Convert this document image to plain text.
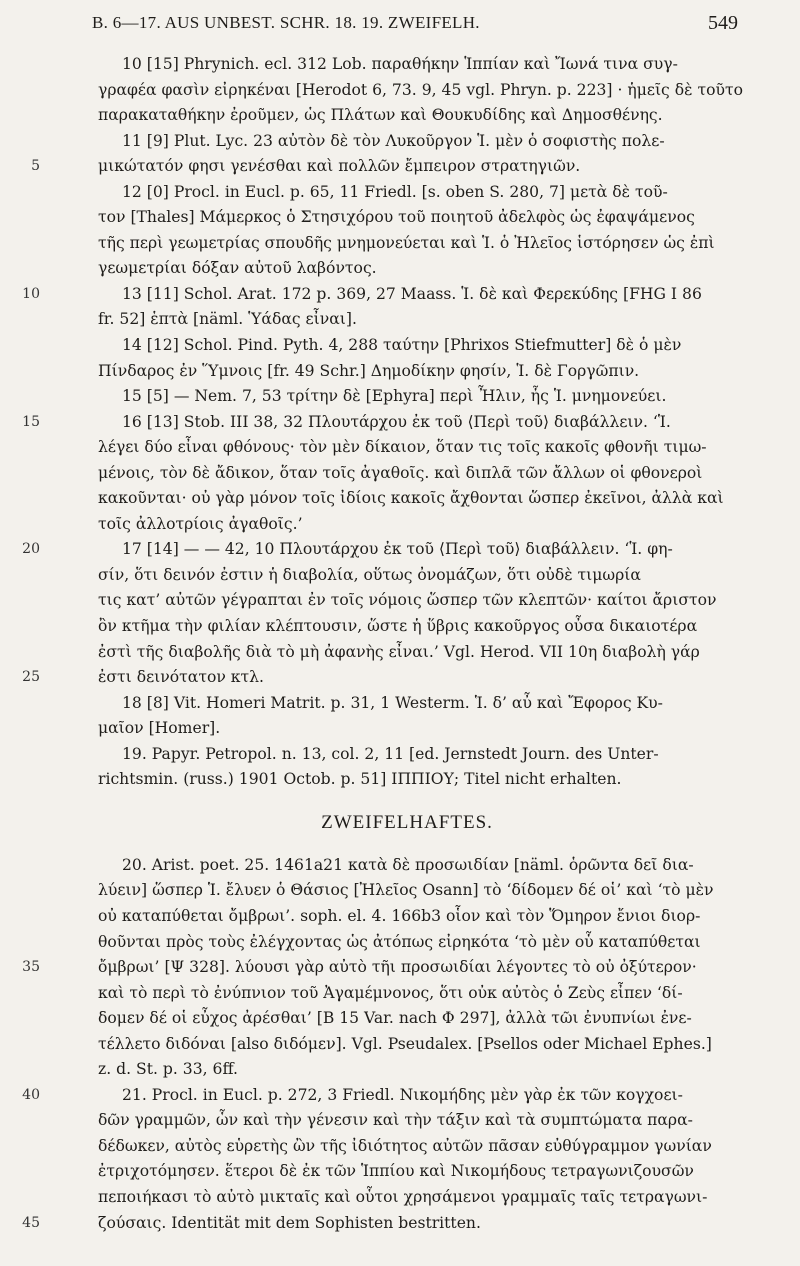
B. 6—17. AUS UNBEST. SCHR. 18. 19. ZWEIFELH.	549
10 [15] Phrynich. ecl. 312 Lob. παραθήκην Ἱππίαν καὶ Ἴωνά τινα συγ-
γραφέα φασὶν εἰρηκέναι [Herodot 6, 73. 9, 45 vgl. Phryn. p. 223] · ἡμεῖς δὲ τοῦτο
παρακαταθήκην ἐροῦμεν, ὡς Πλάτων καὶ Θουκυδίδης καὶ Δημοσθένης.
11 [9] Plut. Lyc. 23 αὐτὸν δὲ τὸν Λυκοῦργον Ἱ. μὲν ὁ σοφιστὴς πολε-
5	μικώτατόν φησι γενέσθαι καὶ πολλῶν ἔμπειρον στρατηγιῶν.
12 [0] Procl. in Eucl. p. 65, 11 Friedl. [s. oben S. 280, 7] μετὰ δὲ τοῦ-
τον [Thales] Μάμερκος ὁ Στησιχόρου τοῦ ποιητοῦ ἀδελφὸς ὡς ἐφαψάμενος
τῆς περὶ γεωμετρίας σπουδῆς μνημονεύεται καὶ Ἱ. ὁ Ἠλεῖος ἱστόρησεν ὡς ἐπὶ
γεωμετρίαι δόξαν αὐτοῦ λαβόντος.
10	13 [11] Schol. Arat. 172 p. 369, 27 Maass. Ἱ. δὲ καὶ Φερεκύδης [FHG I 86
fr. 52] ἑπτὰ [näml. Ὑάδας εἶναι].
14 [12] Schol. Pind. Pyth. 4, 288 ταύτην [Phrixos Stiefmutter] δὲ ὁ μὲν
Πίνδαρος ἐν Ὕμνοις [fr. 49 Schr.] Δημοδίκην φησίν, Ἱ. δὲ Γοργῶπιν.
15 [5] — Nem. 7, 53 τρίτην δὲ [Ephyra] περὶ Ἦλιν, ἧς Ἱ. μνημονεύει.
15	16 [13] Stob. III 38, 32 Πλουτάρχου ἐκ τοῦ ⟨Περὶ τοῦ⟩ διαβάλλειν. ‘Ἱ.
λέγει δύο εἶναι φθόνους· τὸν μὲν δίκαιον, ὅταν τις τοῖς κακοῖς φθονῆι τιμω-
μένοις, τὸν δὲ ἄδικον, ὅταν τοῖς ἀγαθοῖς. καὶ διπλᾶ τῶν ἄλλων οἱ φθονεροὶ
κακοῦνται· οὐ γὰρ μόνον τοῖς ἰδίοις κακοῖς ἄχθονται ὥσπερ ἐκεῖνοι, ἀλλὰ καὶ
τοῖς ἀλλοτρίοις ἀγαθοῖς.’
20	17 [14] — — 42, 10 Πλουτάρχου ἐκ τοῦ ⟨Περὶ τοῦ⟩ διαβάλλειν. ‘Ἱ. φη-
σίν, ὅτι δεινόν ἐστιν ἡ διαβολία, οὕτως ὀνομάζων, ὅτι οὐδὲ τιμωρία
τις κατ’ αὐτῶν γέγραπται ἐν τοῖς νόμοις ὥσπερ τῶν κλεπτῶν· καίτοι ἄριστον
ὂν κτῆμα τὴν φιλίαν κλέπτουσιν, ὥστε ἡ ὕβρις κακοῦργος οὖσα δικαιοτέρα
ἐστὶ τῆς διαβολῆς διὰ τὸ μὴ ἀφανὴς εἶναι.’ Vgl. Herod. VII 10η διαβολὴ γάρ
25	ἐστι δεινότατον κτλ.
18 [8] Vit. Homeri Matrit. p. 31, 1 Westerm. Ἱ. δ’ αὖ καὶ Ἔφορος Κυ-
μαῖον [Homer].
19. Papyr. Petropol. n. 13, col. 2, 11 [ed. Jernstedt Journ. des Unter-
richtsmin. (russ.) 1901 Octob. p. 51] ΙΠΠΙΟΥ; Titel nicht erhalten.
ZWEIFELHAFTES.
20. Arist. poet. 25. 1461a21 κατὰ δὲ προσωιδίαν [näml. ὁρῶντα δεῖ δια-
λύειν] ὥσπερ Ἱ. ἔλυεν ὁ Θάσιος [Ἠλεῖος Osann] τὸ ‘δίδομεν δέ οἱ’ καὶ ‘τὸ μὲν
οὐ καταπύθεται ὄμβρωι’. soph. el. 4. 166b3 οἷον καὶ τὸν Ὅμηρον ἔνιοι διορ-
θοῦνται πρὸς τοὺς ἐλέγχοντας ὡς ἀτόπως εἰρηκότα ‘τὸ μὲν οὗ καταπύθεται
35	ὄμβρωι’ [Ψ 328]. λύουσι γὰρ αὐτὸ τῆι προσωιδίαι λέγοντες τὸ οὐ ὀξύτερον·
καὶ τὸ περὶ τὸ ἐνύπνιον τοῦ Ἀγαμέμνονος, ὅτι οὐκ αὐτὸς ὁ Ζεὺς εἶπεν ‘δί-
δομεν δέ οἱ εὖχος ἀρέσθαι’ [B 15 Var. nach Φ 297], ἀλλὰ τῶι ἐνυπνίωι ἐνε-
τέλλετο διδόναι [also διδόμεν]. Vgl. Pseudalex. [Psellos oder Michael Ephes.]
z. d. St. p. 33, 6ff.
40	21. Procl. in Eucl. p. 272, 3 Friedl. Νικομήδης μὲν γὰρ ἐκ τῶν κογχοει-
δῶν γραμμῶν, ὧν καὶ τὴν γένεσιν καὶ τὴν τάξιν καὶ τὰ συμπτώματα παρα-
δέδωκεν, αὐτὸς εὑρετὴς ὢν τῆς ἰδιότητος αὐτῶν πᾶσαν εὐθύγραμμον γωνίαν
ἐτριχοτόμησεν. ἕτεροι δὲ ἐκ τῶν Ἱππίου καὶ Νικομήδους τετραγωνιζουσῶν
πεποιήκασι τὸ αὐτὸ μικταῖς καὶ οὗτοι χρησάμενοι γραμμαῖς ταῖς τετραγωνι-
45	ζούσαις. Identität mit dem Sophisten bestritten.
